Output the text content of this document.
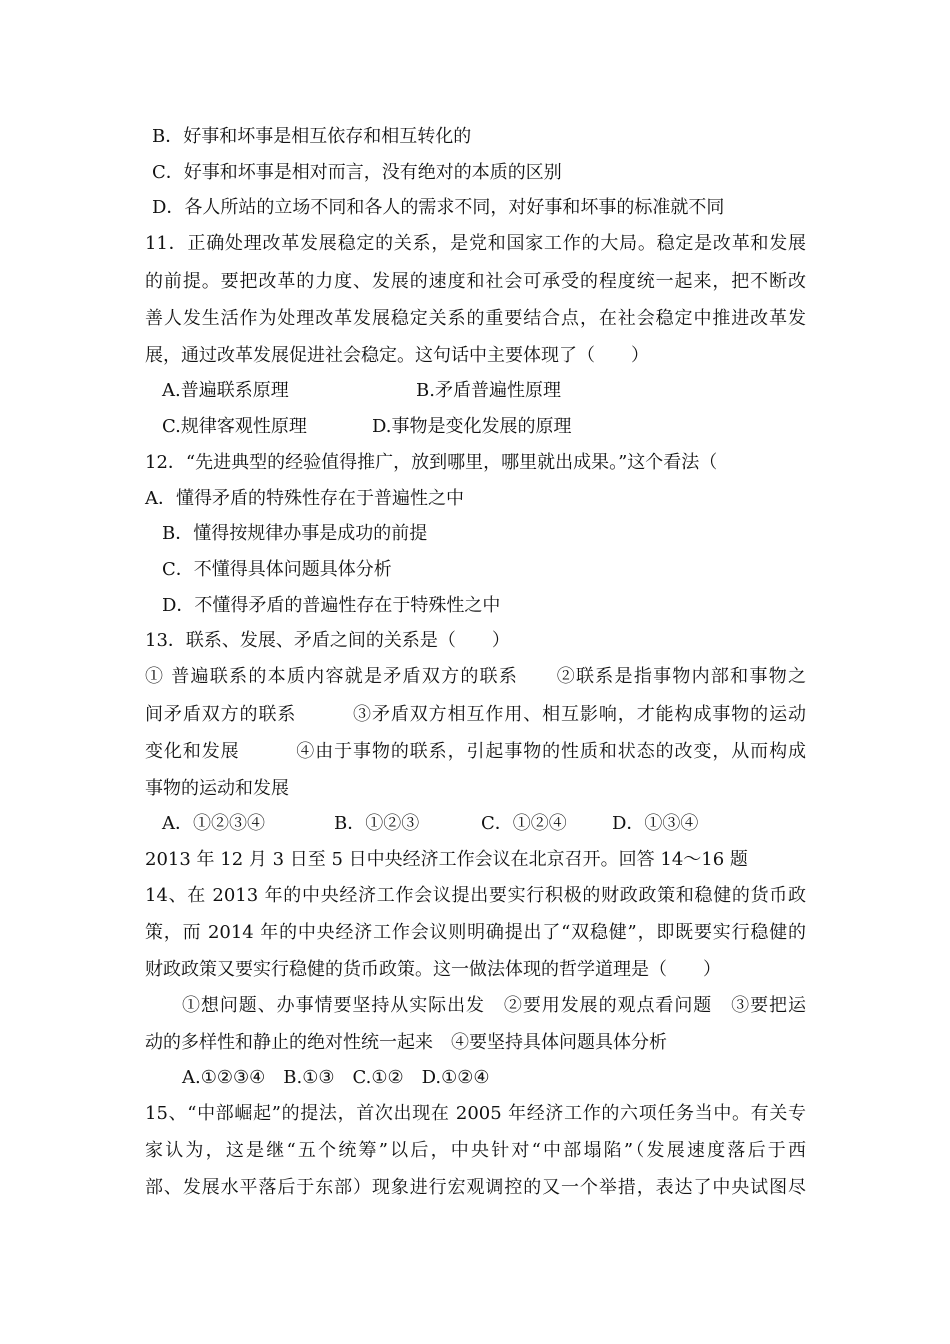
B．好事和坏事是相互依存和相互转化的
C．好事和坏事是相对而言，没有绝对的本质的区别
D．各人所站的立场不同和各人的需求不同，对好事和坏事的标准就不同
11．正确处理改革发展稳定的关系，是党和国家工作的大局。稳定是改革和发展
的前提。要把改革的力度、发展的速度和社会可承受的程度统一起来，把不断改
善人发生活作为处理改革发展稳定关系的重要结合点，在社会稳定中推进改革发
展，通过改革发展促进社会稳定。这句话中主要体现了（　　）
A.普遍联系原理	B.矛盾普遍性原理
C.规律客观性原理	D.事物是变化发展的原理
12．“先进典型的经验值得推广，放到哪里，哪里就出成果。”这个看法（
A．懂得矛盾的特殊性存在于普遍性之中
B．懂得按规律办事是成功的前提
C．不懂得具体问题具体分析
D．不懂得矛盾的普遍性存在于特殊性之中
13．联系、发展、矛盾之间的关系是（　　）
① 普遍联系的本质内容就是矛盾双方的联系　　②联系是指事物内部和事物之
间矛盾双方的联系　　　③矛盾双方相互作用、相互影响，才能构成事物的运动
变化和发展　　　④由于事物的联系，引起事物的性质和状态的改变，从而构成
事物的运动和发展
A．①②③④	B．①②③	C．①②④	D．①③④
2013 年 12 月 3 日至 5 日中央经济工作会议在北京召开。回答 14～16 题
14、在 2013 年的中央经济工作会议提出要实行积极的财政政策和稳健的货币政
策，而 2014 年的中央经济工作会议则明确提出了“双稳健”，即既要实行稳健的
财政政策又要实行稳健的货币政策。这一做法体现的哲学道理是（　　）
①想问题、办事情要坚持从实际出发　②要用发展的观点看问题　③要把运
动的多样性和静止的绝对性统一起来　④要坚持具体问题具体分析
A.①②③④　B.①③　C.①②　D.①②④
15、“中部崛起”的提法，首次出现在 2005 年经济工作的六项任务当中。有关专
家认为，这是继“五个统筹”以后，中央针对“中部塌陷”（发展速度落后于西
部、发展水平落后于东部）现象进行宏观调控的又一个举措，表达了中央试图尽
